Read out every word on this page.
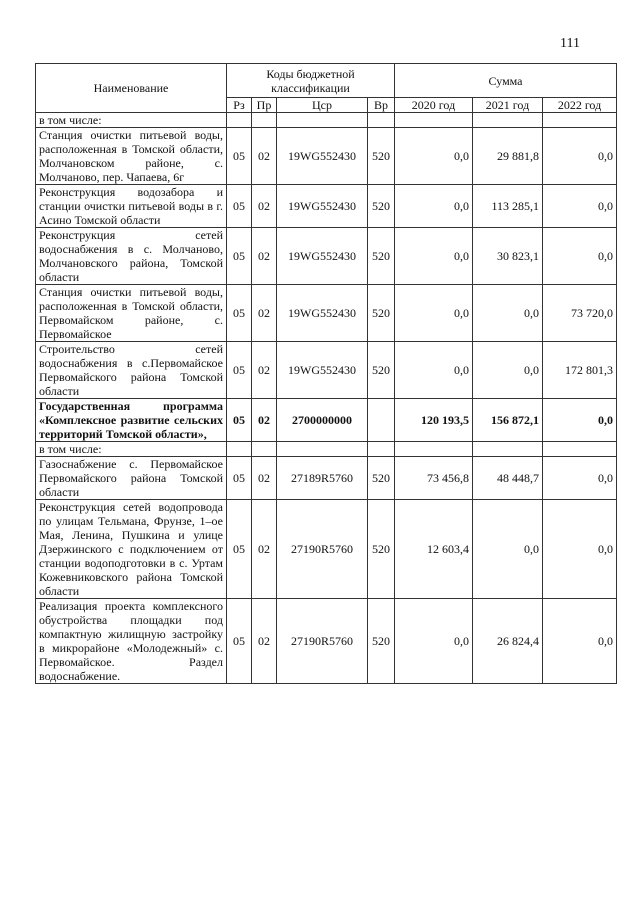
111
Наименование	Коды бюджетной классификации				Сумма		
	Рз	Пр	Цср	Вр	2020 год	2021 год	2022 год
в том числе:							
Станция очистки питьевой воды, расположенная в Томской области, Молчановском районе, с. Молчаново, пер. Чапаева, 6г	05	02	19WG552430	520	0,0	29 881,8	0,0
Реконструкция водозабора и станции очистки питьевой воды в г. Асино Томской области	05	02	19WG552430	520	0,0	113 285,1	0,0
Реконструкция сетей водоснабжения в с. Молчаново, Молчановского района, Томской области	05	02	19WG552430	520	0,0	30 823,1	0,0
Станция очистки питьевой воды, расположенная в Томской области, Первомайском районе, с. Первомайское	05	02	19WG552430	520	0,0	0,0	73 720,0
Строительство сетей водоснабжения в с.Первомайское Первомайского района Томской области	05	02	19WG552430	520	0,0	0,0	172 801,3
Государственная программа «Комплексное развитие сельских территорий Томской области»,	05	02	2700000000		120 193,5	156 872,1	0,0
в том числе:							
Газоснабжение с. Первомайское Первомайского района Томской области	05	02	27189R5760	520	73 456,8	48 448,7	0,0
Реконструкция сетей водопровода по улицам Тельмана, Фрунзе, 1–ое Мая, Ленина, Пушкина и улице Дзержинского с подключением от станции водоподготовки в с. Уртам Кожевниковского района Томской области	05	02	27190R5760	520	12 603,4	0,0	0,0
Реализация проекта комплексного обустройства площадки под компактную жилищную застройку в микрорайоне «Молодежный» с. Первомайское. Раздел водоснабжение.	05	02	27190R5760	520	0,0	26 824,4	0,0
